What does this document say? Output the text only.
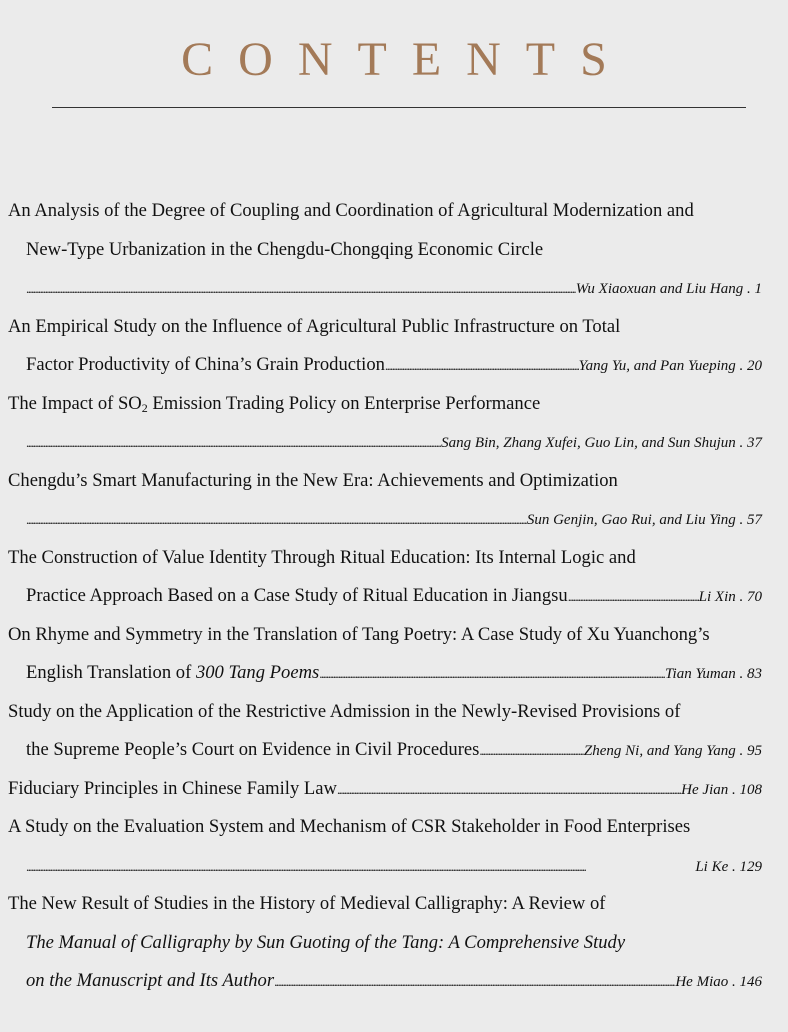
CONTENTS
An Analysis of the Degree of Coupling and Coordination of Agricultural Modernization and
New-Type Urbanization in the Chengdu-Chongqing Economic Circle
. . .
Wu Xiaoxuan and Liu Hang . 1
An Empirical Study on the Influence of Agricultural Public Infrastructure on Total
Factor Productivity of China’s Grain Production . . .	Yang Yu, and Pan Yueping . 20
The Impact of $SO_2$ Emission Trading Policy on Enterprise Performance
. . .
Sang Bin, Zhang Xufei, Guo Lin, and Sun Shujun . 37
Chengdu’s Smart Manufacturing in the New Era: Achievements and Optimization
. . .
Sun Genjin, Gao Rui, and Liu Ying . 57
The Construction of Value Identity Through Ritual Education: Its Internal Logic and
Practice Approach Based on a Case Study of Ritual Education in Jiangsu . . .	Li Xin . 70
On Rhyme and Symmetry in the Translation of Tang Poetry: A Case Study of Xu Yuanchong’s
English Translation of 300 Tang Poems . . .	Tian Yuman . 83
Study on the Application of the Restrictive Admission in the Newly-Revised Provisions of
the Supreme People’s Court on Evidence in Civil Procedures . . .	Zheng Ni, and Yang Yang . 95
Fiduciary Principles in Chinese Family Law . . .	He Jian . 108
A Study on the Evaluation System and Mechanism of CSR Stakeholder in Food Enterprises
. . .
Li Ke . 129
The New Result of Studies in the History of Medieval Calligraphy: A Review of
The Manual of Calligraphy by Sun Guoting of the Tang: A Comprehensive Study
on the Manuscript and Its Author . . .	He Miao . 146
